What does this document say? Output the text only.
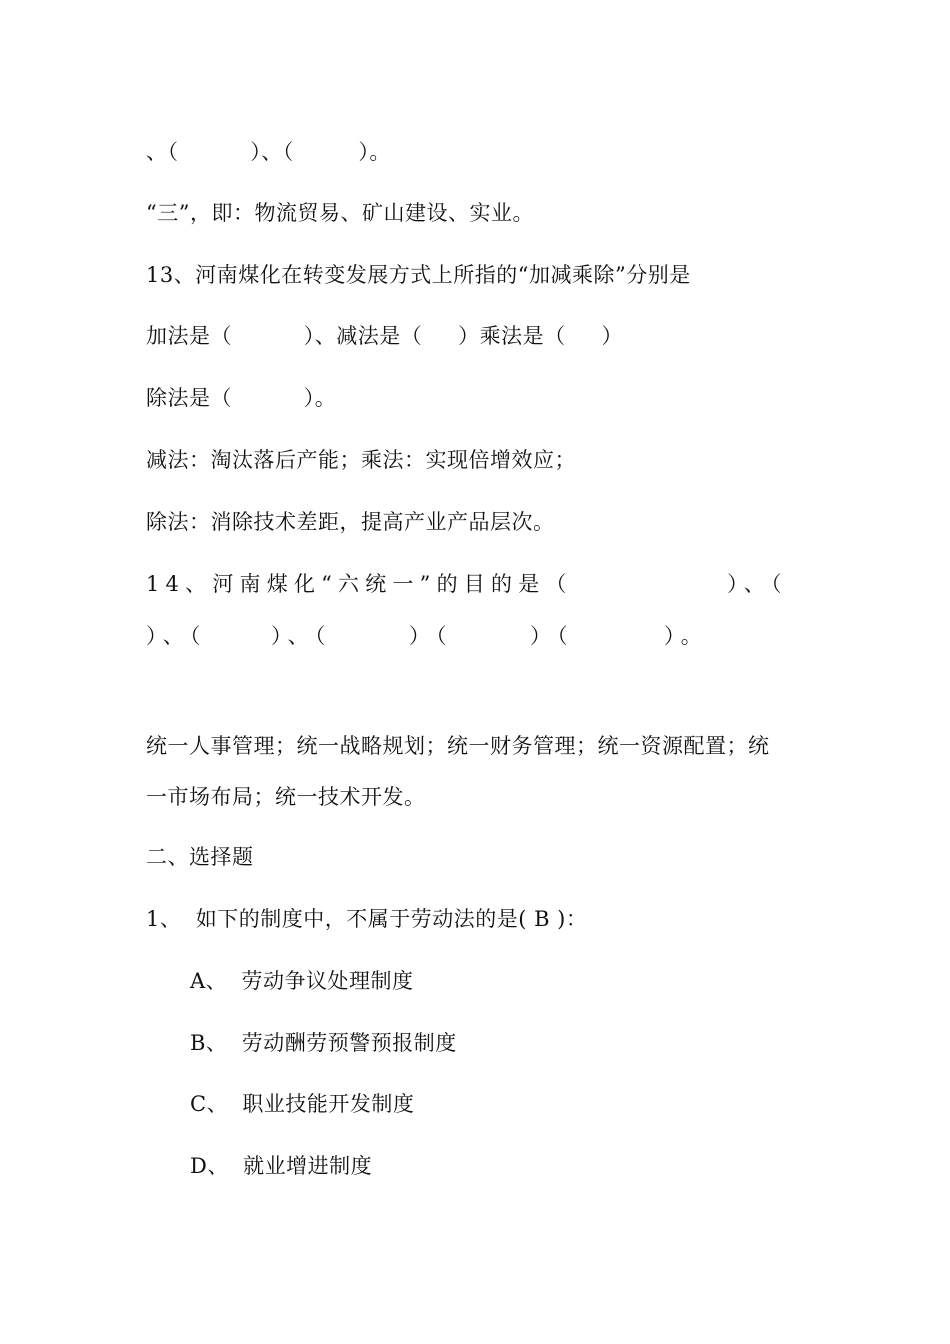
、（          ）、（         ）。
“三”，即：物流贸易、矿山建设、实业。
13、河南煤化在转变发展方式上所指的“加减乘除”分别是
加法是（          ）、减法是（     ）乘法是（     ）
除法是（          ）。
减法：淘汰落后产能；乘法：实现倍增效应；
除法：消除技术差距，提高产业产品层次。
14、河南煤化“六统一”的目的是（            ）、（
）、（     ）、（      ）（      ）（       ）。
统一人事管理；统一战略规划；统一财务管理；统一资源配置；统
一市场布局；统一技术开发。
二、选择题
1、  如下的制度中，不属于劳动法的是( B )：
A、  劳动争议处理制度
B、  劳动酬劳预警预报制度
C、  职业技能开发制度
D、  就业增进制度
